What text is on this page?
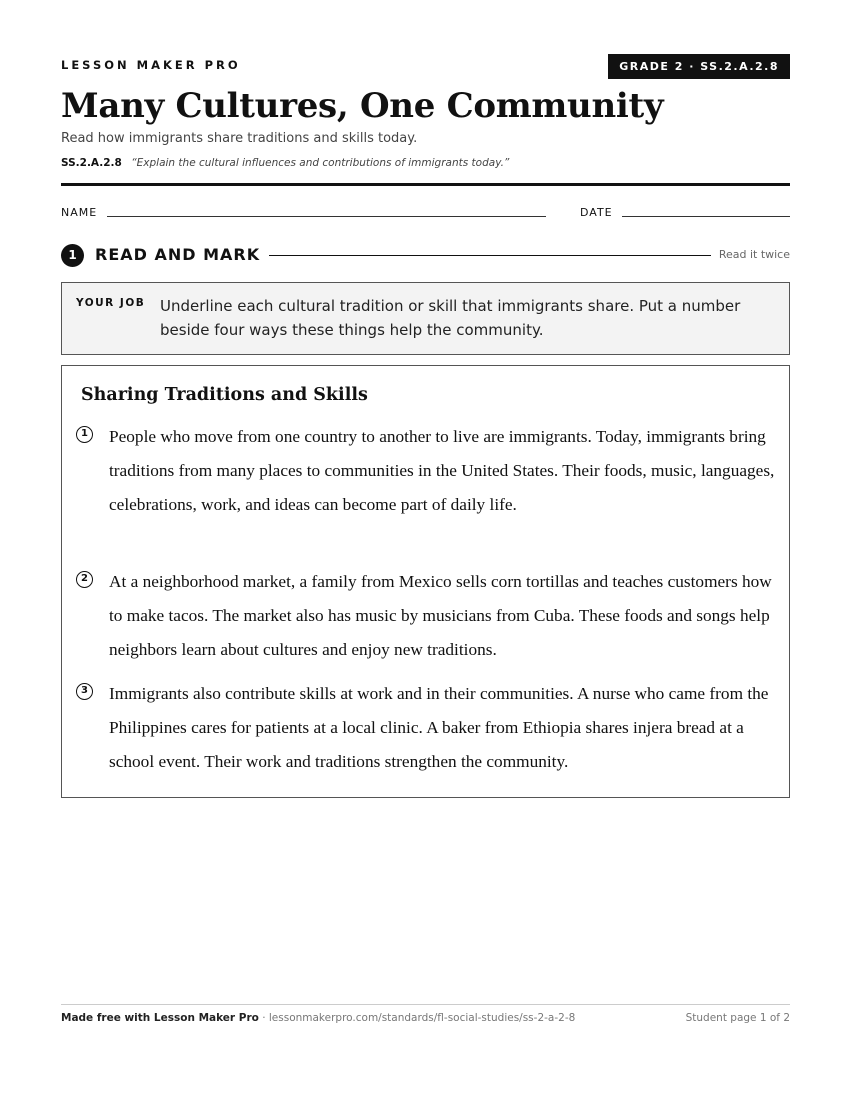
LESSON MAKER PRO	GRADE 2 · SS.2.A.2.8
Many Cultures, One Community
Read how immigrants share traditions and skills today.
SS.2.A.2.8 “Explain the cultural influences and contributions of immigrants today.”
NAME	DATE
1	READ AND MARK	Read it twice
YOUR JOB Underline each cultural tradition or skill that immigrants share. Put a number beside four ways these things help the community.
Sharing Traditions and Skills
1 People who move from one country to another to live are immigrants. Today, immigrants bring traditions from many places to communities in the United States. Their foods, music, languages, celebrations, work, and ideas can become part of daily life.

2 At a neighborhood market, a family from Mexico sells corn tortillas and teaches customers how to make tacos. The market also has music by musicians from Cuba. These foods and songs help neighbors learn about cultures and enjoy new traditions.

3 Immigrants also contribute skills at work and in their communities. A nurse who came from the Philippines cares for patients at a local clinic. A baker from Ethiopia shares injera bread at a school event. Their work and traditions strengthen the community.

Made free with Lesson Maker Pro · lessonmakerpro.com/standards/fl-social-studies/ss-2-a-2-8	Student page 1 of 2
